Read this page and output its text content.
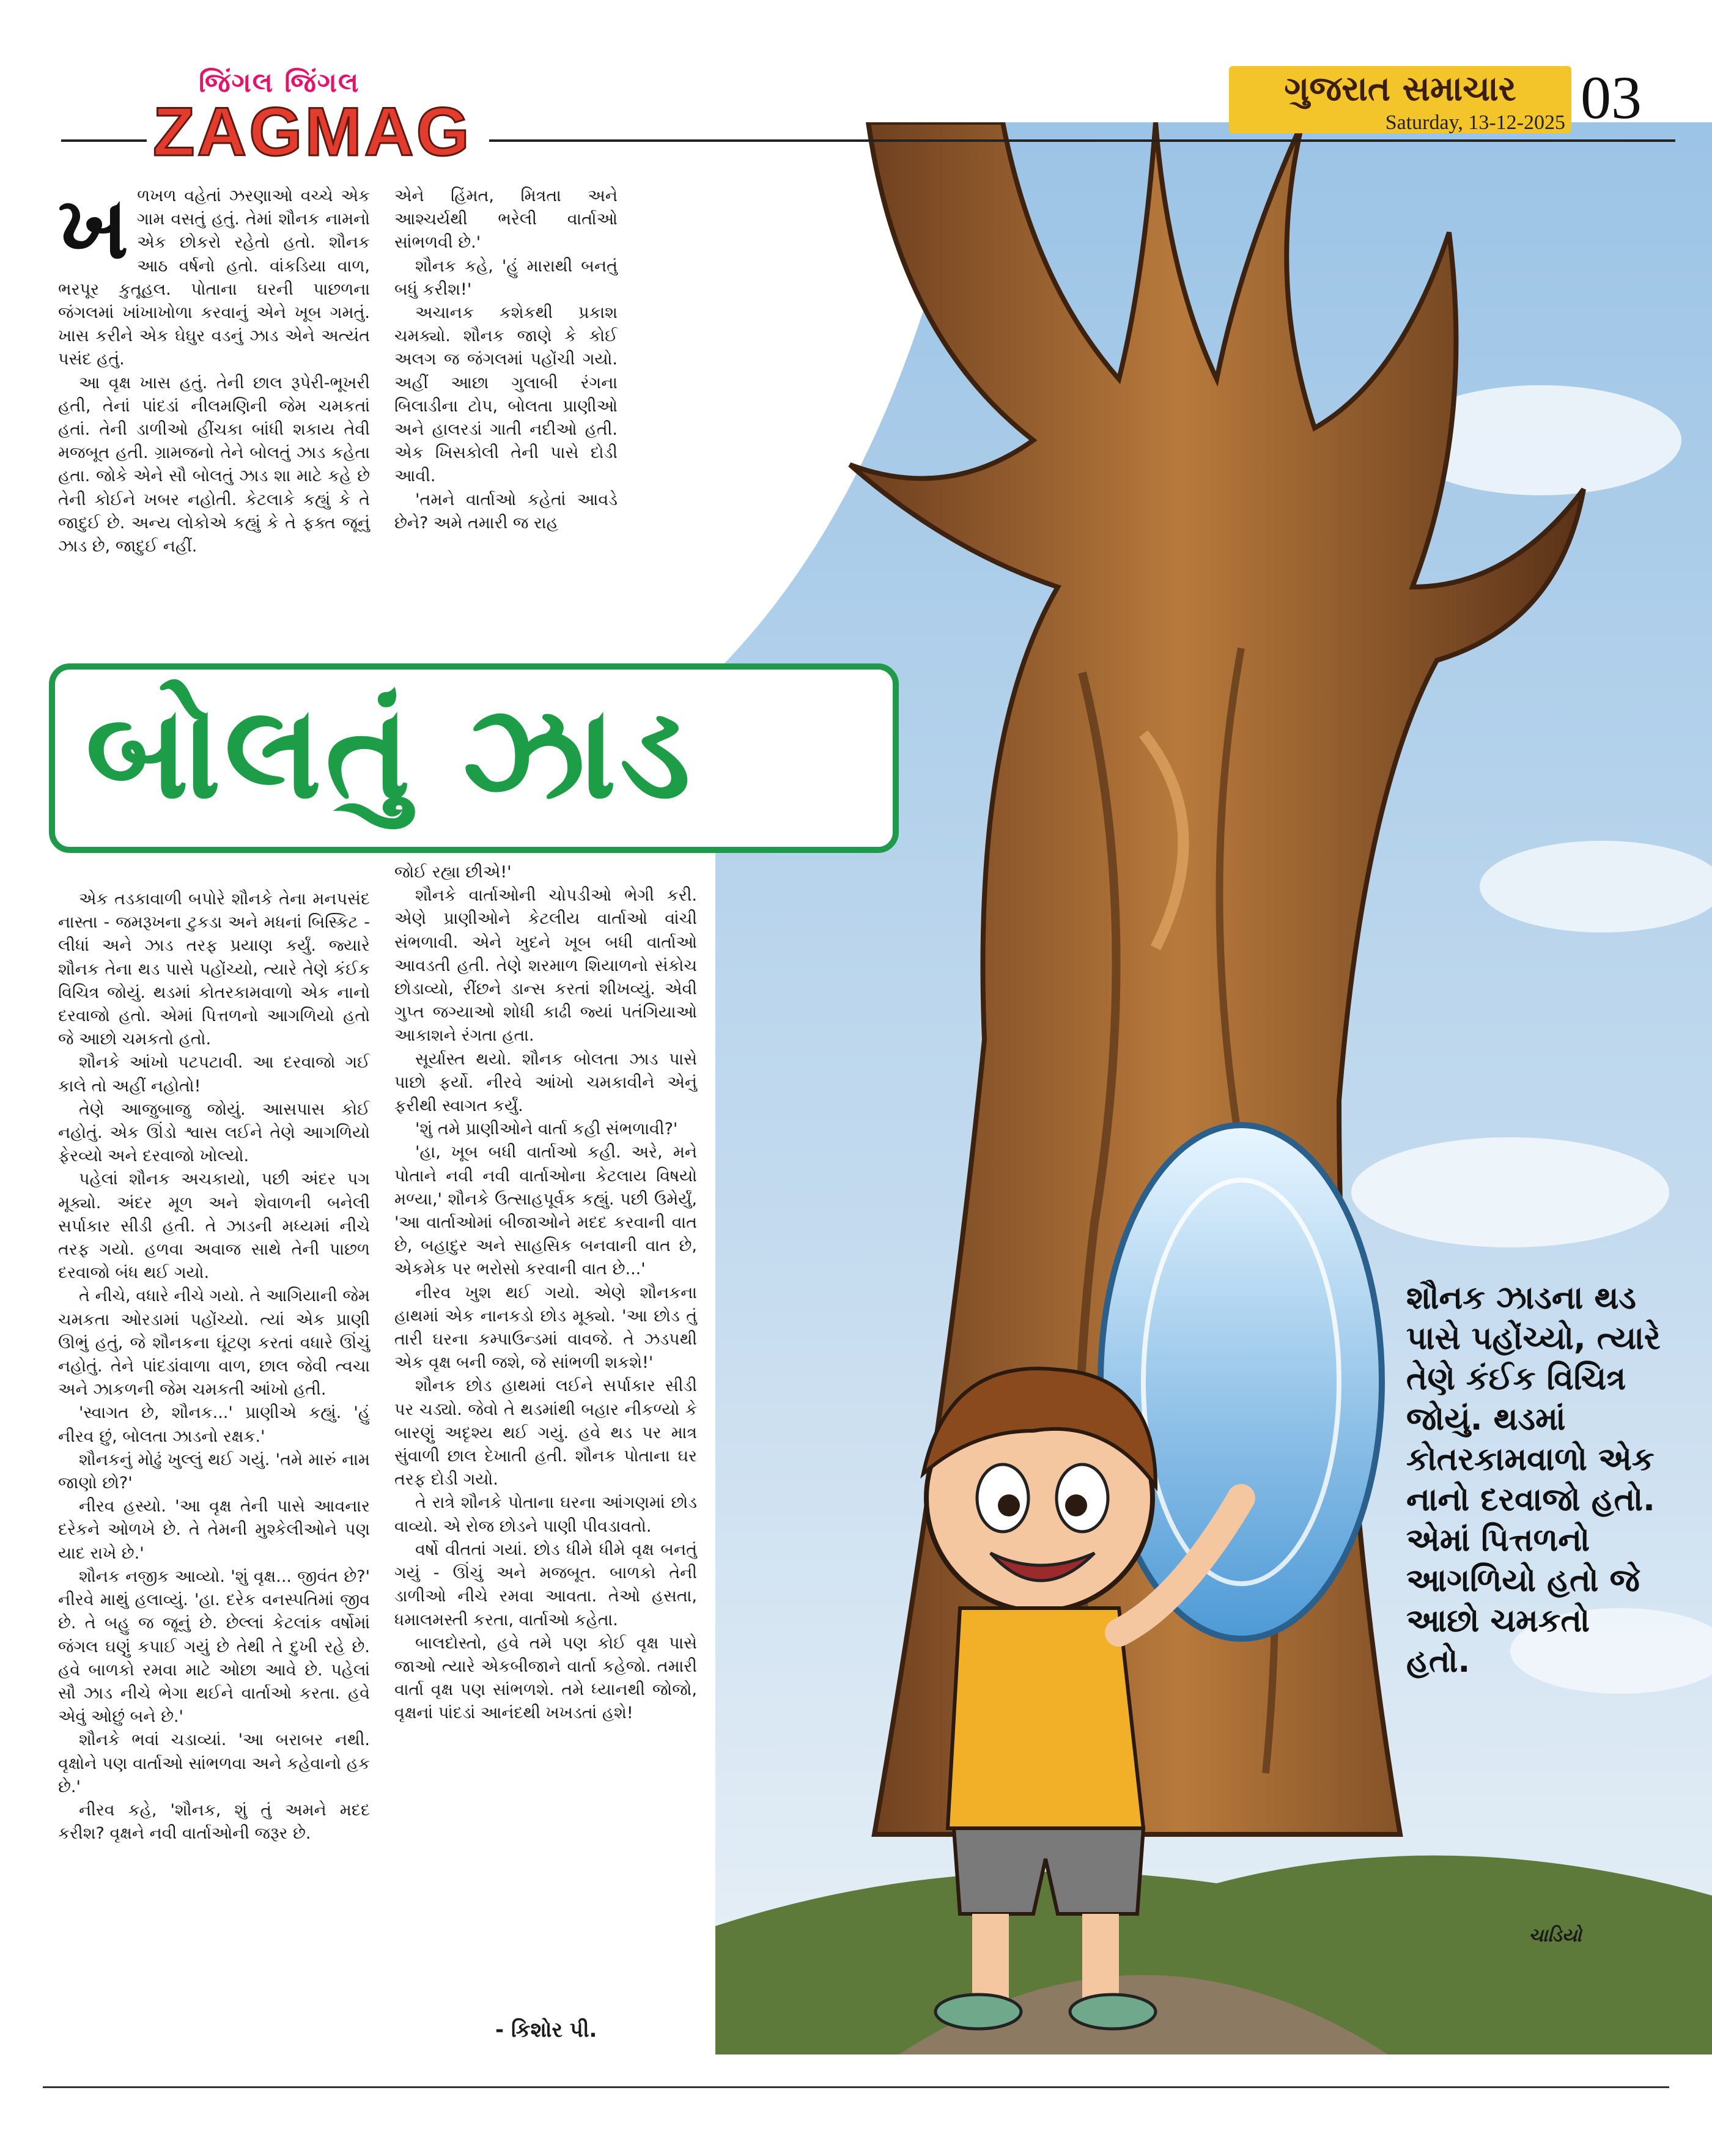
જિંગલ જિંગલ
ZAGMAG
ગુજરાત સમાચાર
Saturday, 13-12-2025 03
ખ ળખળ વહેતાં ઝરણાઓ વચ્ચે એક ગામ વસતું હતું. તેમાં શૌનક નામનો એક છોકરો રહેતો હતો. શૌનક આઠ વર્ષનો હતો. વાંકડિયા વાળ, ભરપૂર કુતૂહલ. પોતાના ઘરની પાછળના જંગલમાં ખાંખાખોળા કરવાનું એને ખૂબ ગમતું. ખાસ કરીને એક ઘેઘુર વડનું ઝાડ એને અત્યંત પસંદ હતું.

આ વૃક્ષ ખાસ હતું. તેની છાલ રૂપેરી-ભૂખરી હતી, તેનાં પાંદડાં નીલમણિની જેમ ચમકતાં હતાં. તેની ડાળીઓ હીંચકા બાંધી શકાય તેવી મજબૂત હતી. ગ્રામજનો તેને બોલતું ઝાડ કહેતા હતા. જોકે એને સૌ બોલતું ઝાડ શા માટે કહે છે તેની કોઈને ખબર નહોતી. કેટલાકે કહ્યું કે તે જાદુઈ છે. અન્ય લોકોએ કહ્યું કે તે ફક્ત જૂનું ઝાડ છે, જાદુઈ નહીં.

એને હિંમત, મિત્રતા અને આશ્ચર્યથી ભરેલી વાર્તાઓ સાંભળવી છે.'

શૌનક કહે, 'હું મારાથી બનતું બધું કરીશ!'

અચાનક કશેકથી પ્રકાશ ચમક્યો. શૌનક જાણે કે કોઈ અલગ જ જંગલમાં પહોંચી ગયો. અહીં આછા ગુલાબી રંગના બિલાડીના ટોપ, બોલતા પ્રાણીઓ અને હાલરડાં ગાતી નદીઓ હતી. એક ખિસકોલી તેની પાસે દોડી આવી.

'તમને વાર્તાઓ કહેતાં આવડે છેને? અમે તમારી જ રાહ

બોલતું ઝાડ

એક તડકાવાળી બપોરે શૌનકે તેના મનપસંદ નાસ્તા - જમરૂખના ટુકડા અને મધનાં બિસ્કિટ - લીધાં અને ઝાડ તરફ પ્રયાણ કર્યું. જ્યારે શૌનક તેના થડ પાસે પહોંચ્યો, ત્યારે તેણે કંઈક વિચિત્ર જોયું. થડમાં કોતરકામવાળો એક નાનો દરવાજો હતો. એમાં પિત્તળનો આગળિયો હતો જે આછો ચમકતો હતો.

શૌનકે આંખો પટપટાવી. આ દરવાજો ગઈ કાલે તો અહીં નહોતો!

તેણે આજુબાજુ જોયું. આસપાસ કોઈ નહોતું. એક ઊંડો શ્વાસ લઈને તેણે આગળિયો ફેરવ્યો અને દરવાજો ખોલ્યો.

પહેલાં શૌનક અચકાયો, પછી અંદર પગ મૂક્યો. અંદર મૂળ અને શેવાળની બનેલી સર્પાકાર સીડી હતી. તે ઝાડની મધ્યમાં નીચે તરફ ગયો. હળવા અવાજ સાથે તેની પાછળ દરવાજો બંધ થઈ ગયો.

તે નીચે, વધારે નીચે ગયો. તે આગિયાની જેમ ચમકતા ઓરડામાં પહોંચ્યો. ત્યાં એક પ્રાણી ઊભું હતું, જે શૌનકના ઘૂંટણ કરતાં વધારે ઊંચું નહોતું. તેને પાંદડાંવાળા વાળ, છાલ જેવી ત્વચા અને ઝાકળની જેમ ચમકતી આંખો હતી.

'સ્વાગત છે, શૌનક...' પ્રાણીએ કહ્યું. 'હું નીરવ છું, બોલતા ઝાડનો રક્ષક.'

શૌનકનું મોઢું ખુલ્લું થઈ ગયું. 'તમે મારું નામ જાણો છો?'

નીરવ હસ્યો. 'આ વૃક્ષ તેની પાસે આવનાર દરેકને ઓળખે છે. તે તેમની મુશ્કેલીઓને પણ યાદ રાખે છે.'

શૌનક નજીક આવ્યો. 'શું વૃક્ષ... જીવંત છે?' નીરવે માથું હલાવ્યું. 'હા. દરેક વનસ્પતિમાં જીવ છે. તે બહુ જ જૂનું છે. છેલ્લાં કેટલાંક વર્ષોમાં જંગલ ઘણું કપાઈ ગયું છે તેથી તે દુખી રહે છે. હવે બાળકો રમવા માટે ઓછા આવે છે. પહેલાં સૌ ઝાડ નીચે ભેગા થઈને વાર્તાઓ કરતા. હવે એવું ઓછું બને છે.'

શૌનકે ભવાં ચડાવ્યાં. 'આ બરાબર નથી. વૃક્ષોને પણ વાર્તાઓ સાંભળવા અને કહેવાનો હક છે.'

નીરવ કહે, 'શૌનક, શું તું અમને મદદ કરીશ? વૃક્ષને નવી વાર્તાઓની જરૂર છે.

જોઈ રહ્યા છીએ!'

શૌનકે વાર્તાઓની ચોપડીઓ ભેગી કરી. એણે પ્રાણીઓને કેટલીય વાર્તાઓ વાંચી સંભળાવી. એને ખુદને ખૂબ બધી વાર્તાઓ આવડતી હતી. તેણે શરમાળ શિયાળનો સંકોચ છોડાવ્યો, રીંછને ડાન્સ કરતાં શીખવ્યું. એવી ગુપ્ત જગ્યાઓ શોધી કાઢી જ્યાં પતંગિયાઓ આકાશને રંગતા હતા.

સૂર્યાસ્ત થયો. શૌનક બોલતા ઝાડ પાસે પાછો ફર્યો. નીરવે આંખો ચમકાવીને એનું ફરીથી સ્વાગત કર્યું.

'શું તમે પ્રાણીઓને વાર્તા કહી સંભળાવી?'

'હા, ખૂબ બધી વાર્તાઓ કહી. અરે, મને પોતાને નવી નવી વાર્તાઓના કેટલાય વિષયો મળ્યા,' શૌનકે ઉત્સાહપૂર્વક કહ્યું. પછી ઉમેર્યું, 'આ વાર્તાઓમાં બીજાઓને મદદ કરવાની વાત છે, બહાદુર અને સાહસિક બનવાની વાત છે, એકમેક પર ભરોસો કરવાની વાત છે...'

નીરવ ખુશ થઈ ગયો. એણે શૌનકના હાથમાં એક નાનકડો છોડ મૂક્યો. 'આ છોડ તું તારી ઘરના કમ્પાઉન્ડમાં વાવજે. તે ઝડપથી એક વૃક્ષ બની જશે, જે સાંભળી શકશે!'

શૌનક છોડ હાથમાં લઈને સર્પાકાર સીડી પર ચડ્યો. જેવો તે થડમાંથી બહાર નીકળ્યો કે બારણું અદૃશ્ય થઈ ગયું. હવે થડ પર માત્ર સુંવાળી છાલ દેખાતી હતી. શૌનક પોતાના ઘર તરફ દોડી ગયો.

તે રાત્રે શૌનકે પોતાના ઘરના આંગણમાં છોડ વાવ્યો. એ રોજ છોડને પાણી પીવડાવતો.

વર્ષો વીતતાં ગયાં. છોડ ધીમે ધીમે વૃક્ષ બનતું ગયું - ઊંચું અને મજબૂત. બાળકો તેની ડાળીઓ નીચે રમવા આવતા. તેઓ હસતા, ધમાલમસ્તી કરતા, વાર્તાઓ કહેતા.

બાલદોસ્તો, હવે તમે પણ કોઈ વૃક્ષ પાસે જાઓ ત્યારે એકબીજાને વાર્તા કહેજો. તમારી વાર્તા વૃક્ષ પણ સાંભળશે. તમે ધ્યાનથી જોજો, વૃક્ષનાં પાંદડાં આનંદથી ખખડતાં હશે!

- કિશોર પી.
શૌનક ઝાડના થડ પાસે પહોંચ્યો, ત્યારે તેણે કંઈક વિચિત્ર જોયું. થડમાં કોતરકામવાળો એક નાનો દરવાજો હતો. એમાં પિત્તળનો આગળિયો હતો જે આછો ચમકતો હતો.
ચાડિયો
